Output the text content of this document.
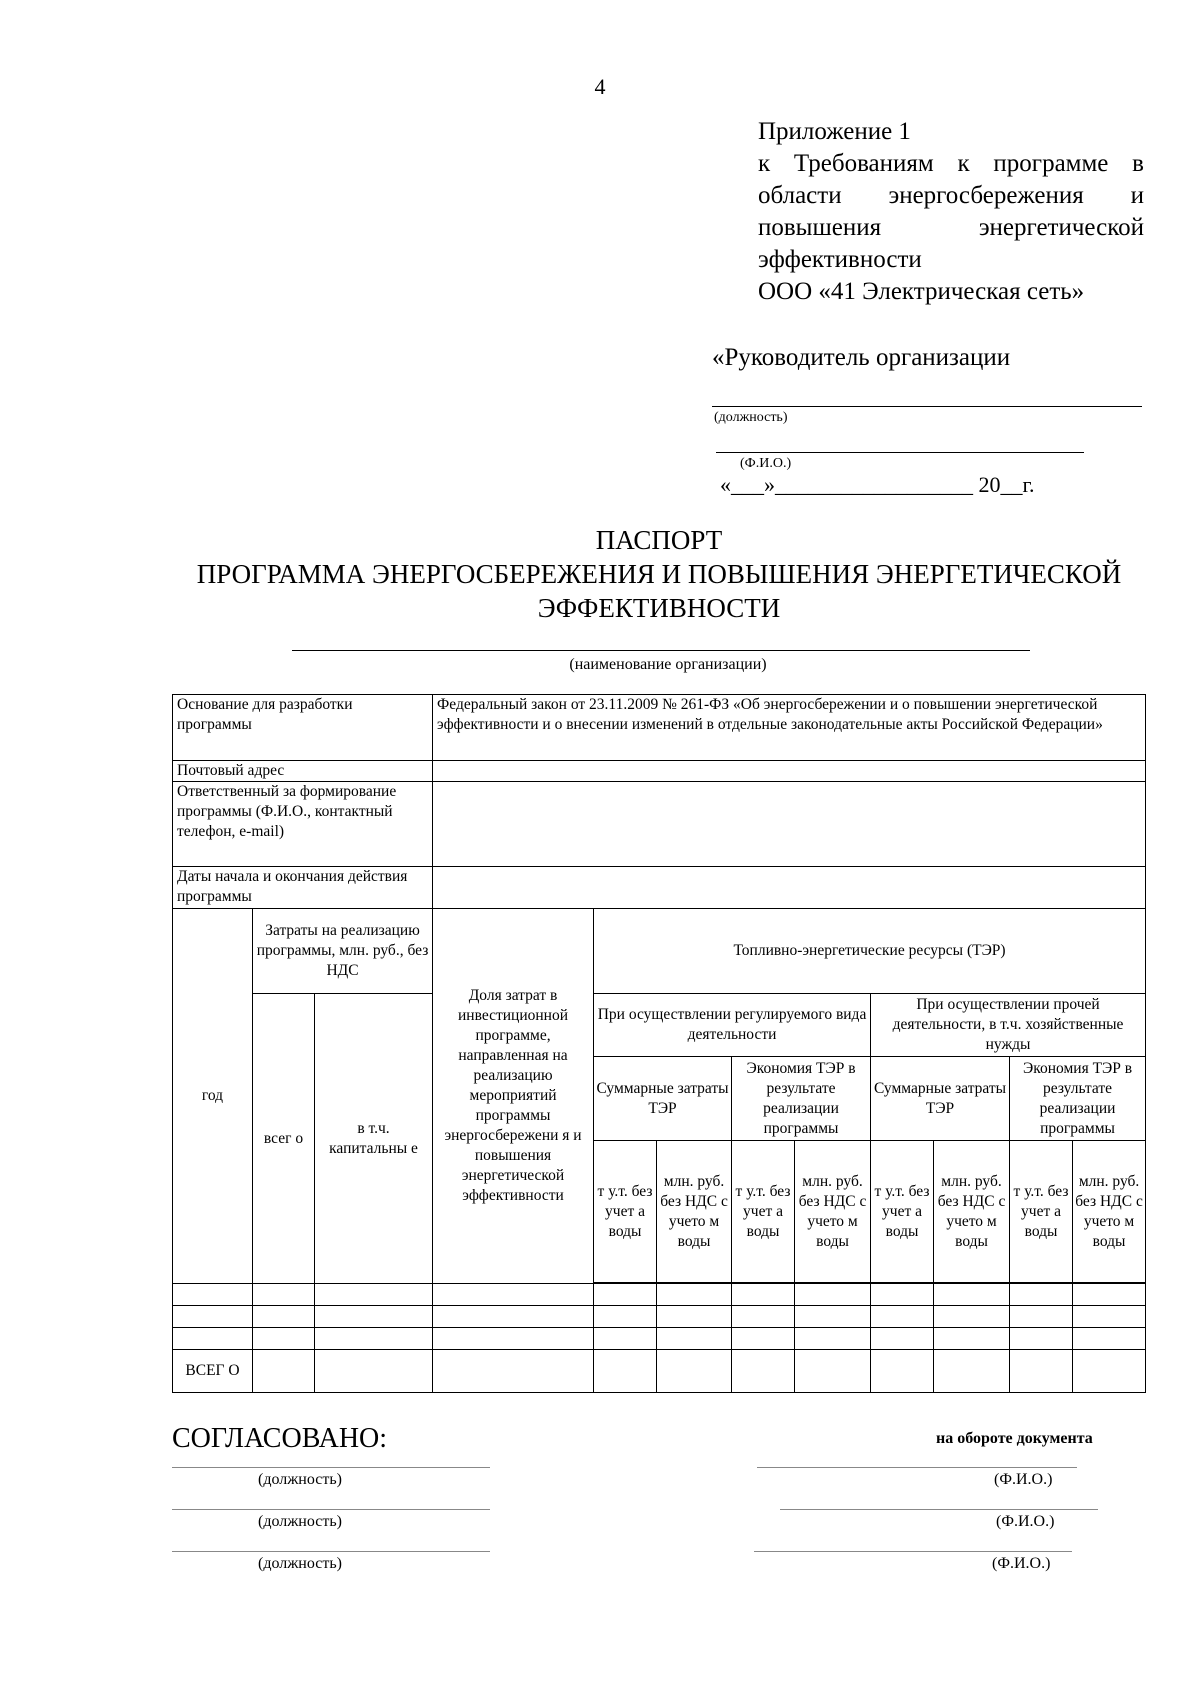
4
Приложение 1
к Требованиям к программе в
области энергосбережения и
повышения энергетической
эффективности
ООО «41 Электрическая сеть»
«Руководитель организации
(должность)
(Ф.И.О.)
«___»__________________ 20__г.
ПАСПОРТ
ПРОГРАММА ЭНЕРГОСБЕРЕЖЕНИЯ И ПОВЫШЕНИЯ ЭНЕРГЕТИЧЕСКОЙ
ЭФФЕКТИВНОСТИ
(наименование организации)
Основание для разработки программы			Федеральный закон от 23.11.2009 № 261-ФЗ «Об энергосбережении и о повышении энергетической эффективности и о внесении изменений в отдельные законодательные акты Российской Федерации»								
Почтовый адрес											
Ответственный за формирование программы (Ф.И.О., контактный телефон, e-mail)											
Даты начала и окончания действия программы											
год	Затраты на реализацию программы, млн. руб., без НДС		Доля затрат в инвестиционной программе, направленная на реализацию мероприятий программы энергосбережени я и повышения энергетической эффективности	Топливно-энергетические ресурсы (ТЭР)							
	всег о	в т.ч. капитальны е		При осуществлении регулируемого вида деятельности				При осуществлении прочей деятельности, в т.ч. хозяйственные нужды			
				Суммарные затраты ТЭР		Экономия ТЭР в результате реализации программы		Суммарные затраты ТЭР		Экономия ТЭР в результате реализации программы	
				т у.т. без учет а воды	млн. руб. без НДС с учето м воды	т у.т. без учет а воды	млн. руб. без НДС с учето м воды	т у.т. без учет а воды	млн. руб. без НДС с учето м воды	т у.т. без учет а воды	млн. руб. без НДС с учето м воды

ВСЕГ О											
СОГЛАСОВАНО:	на обороте документа
(должность)	(Ф.И.О.)
(должность)	(Ф.И.О.)
(должность)	(Ф.И.О.)
